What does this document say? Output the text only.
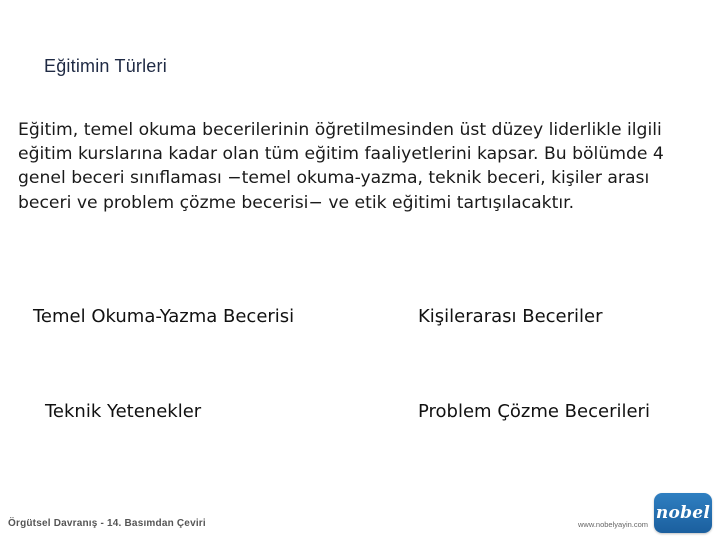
Eğitimin Türleri

Eğitim, temel okuma becerilerinin öğretilmesinden üst düzey liderlikle ilgili eğitim kurslarına kadar olan tüm eğitim faaliyetlerini kapsar. Bu bölümde 4 genel beceri sınıflaması −temel okuma-yazma, teknik beceri, kişiler arası beceri ve problem çözme becerisi− ve etik eğitimi tartışılacaktır.

Temel Okuma-Yazma Becerisi	Kişilerarası Beceriler
Teknik Yetenekler	Problem Çözme Becerileri
Örgütsel Davranış - 14. Basımdan Çeviri	www.nobelyayin.com
nobel
